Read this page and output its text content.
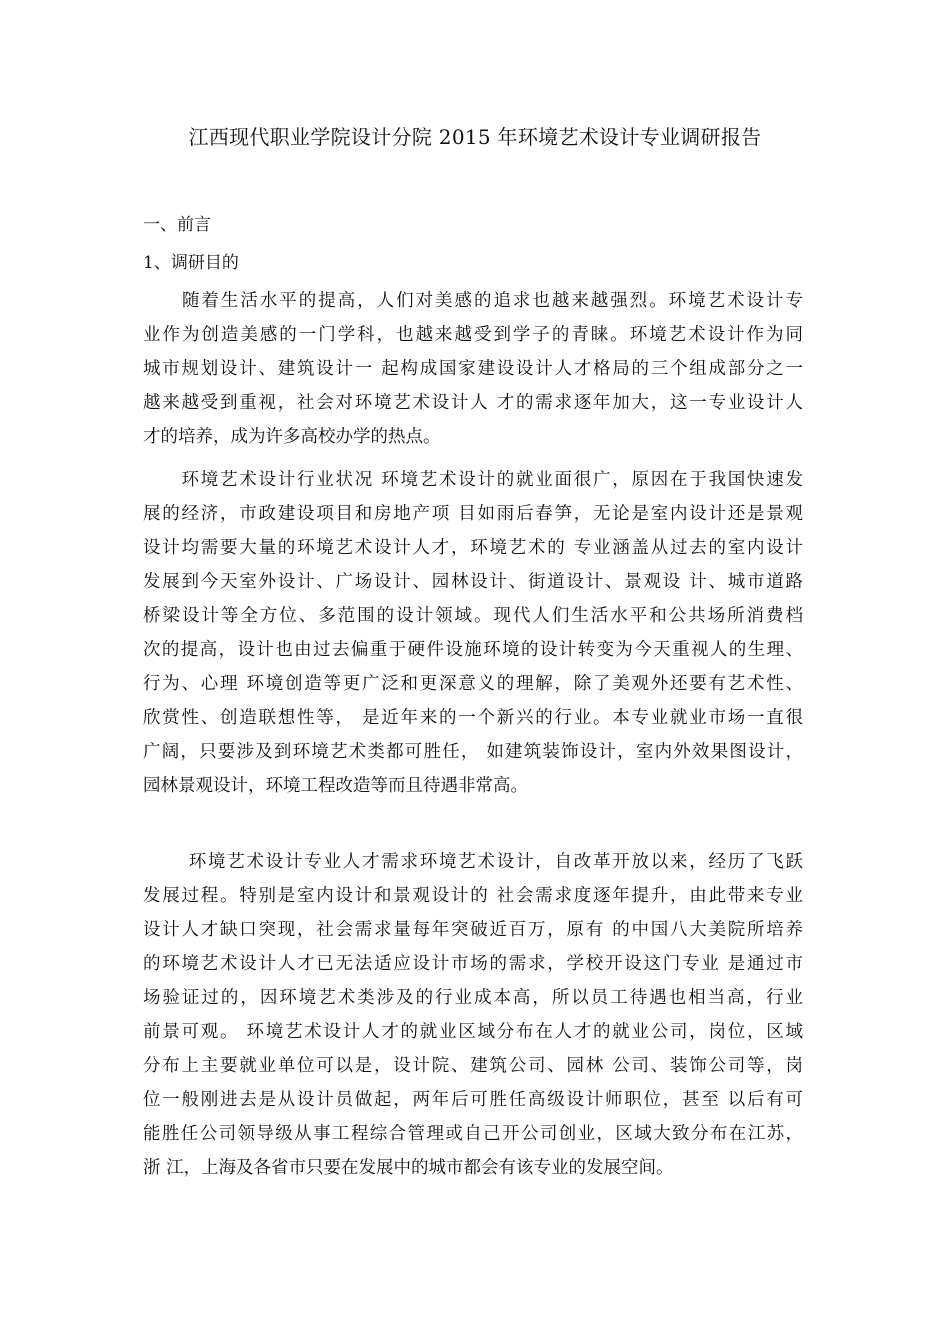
江西现代职业学院设计分院 2015 年环境艺术设计专业调研报告
一、前言
1、调研目的
　　随着生活水平的提高，人们对美感的追求也越来越强烈。环境艺术设计专
业作为创造美感的一门学科，也越来越受到学子的青睐。环境艺术设计作为同
城市规划设计、建筑设计一 起构成国家建设设计人才格局的三个组成部分之一
越来越受到重视，社会对环境艺术设计人 才的需求逐年加大，这一专业设计人
才的培养，成为许多高校办学的热点。
　　环境艺术设计行业状况 环境艺术设计的就业面很广，原因在于我国快速发
展的经济，市政建设项目和房地产项 目如雨后春笋，无论是室内设计还是景观
设计均需要大量的环境艺术设计人才，环境艺术的 专业涵盖从过去的室内设计
发展到今天室外设计、广场设计、园林设计、街道设计、景观设 计、城市道路
桥梁设计等全方位、多范围的设计领域。现代人们生活水平和公共场所消费档
次的提高，设计也由过去偏重于硬件设施环境的设计转变为今天重视人的生理、
行为、心理 环境创造等更广泛和更深意义的理解，除了美观外还要有艺术性、
欣赏性、创造联想性等， 是近年来的一个新兴的行业。本专业就业市场一直很
广阔，只要涉及到环境艺术类都可胜任， 如建筑装饰设计，室内外效果图设计，
园林景观设计，环境工程改造等而且待遇非常高。
　　 环境艺术设计专业人才需求环境艺术设计，自改革开放以来，经历了飞跃
发展过程。特别是室内设计和景观设计的 社会需求度逐年提升，由此带来专业
设计人才缺口突现，社会需求量每年突破近百万，原有 的中国八大美院所培养
的环境艺术设计人才已无法适应设计市场的需求，学校开设这门专业 是通过市
场验证过的，因环境艺术类涉及的行业成本高，所以员工待遇也相当高，行业
前景可观。 环境艺术设计人才的就业区域分布在人才的就业公司，岗位，区域
分布上主要就业单位可以是，设计院、建筑公司、园林 公司、装饰公司等，岗
位一般刚进去是从设计员做起，两年后可胜任高级设计师职位，甚至 以后有可
能胜任公司领导级从事工程综合管理或自己开公司创业，区域大致分布在江苏，
浙 江，上海及各省市只要在发展中的城市都会有该专业的发展空间。
